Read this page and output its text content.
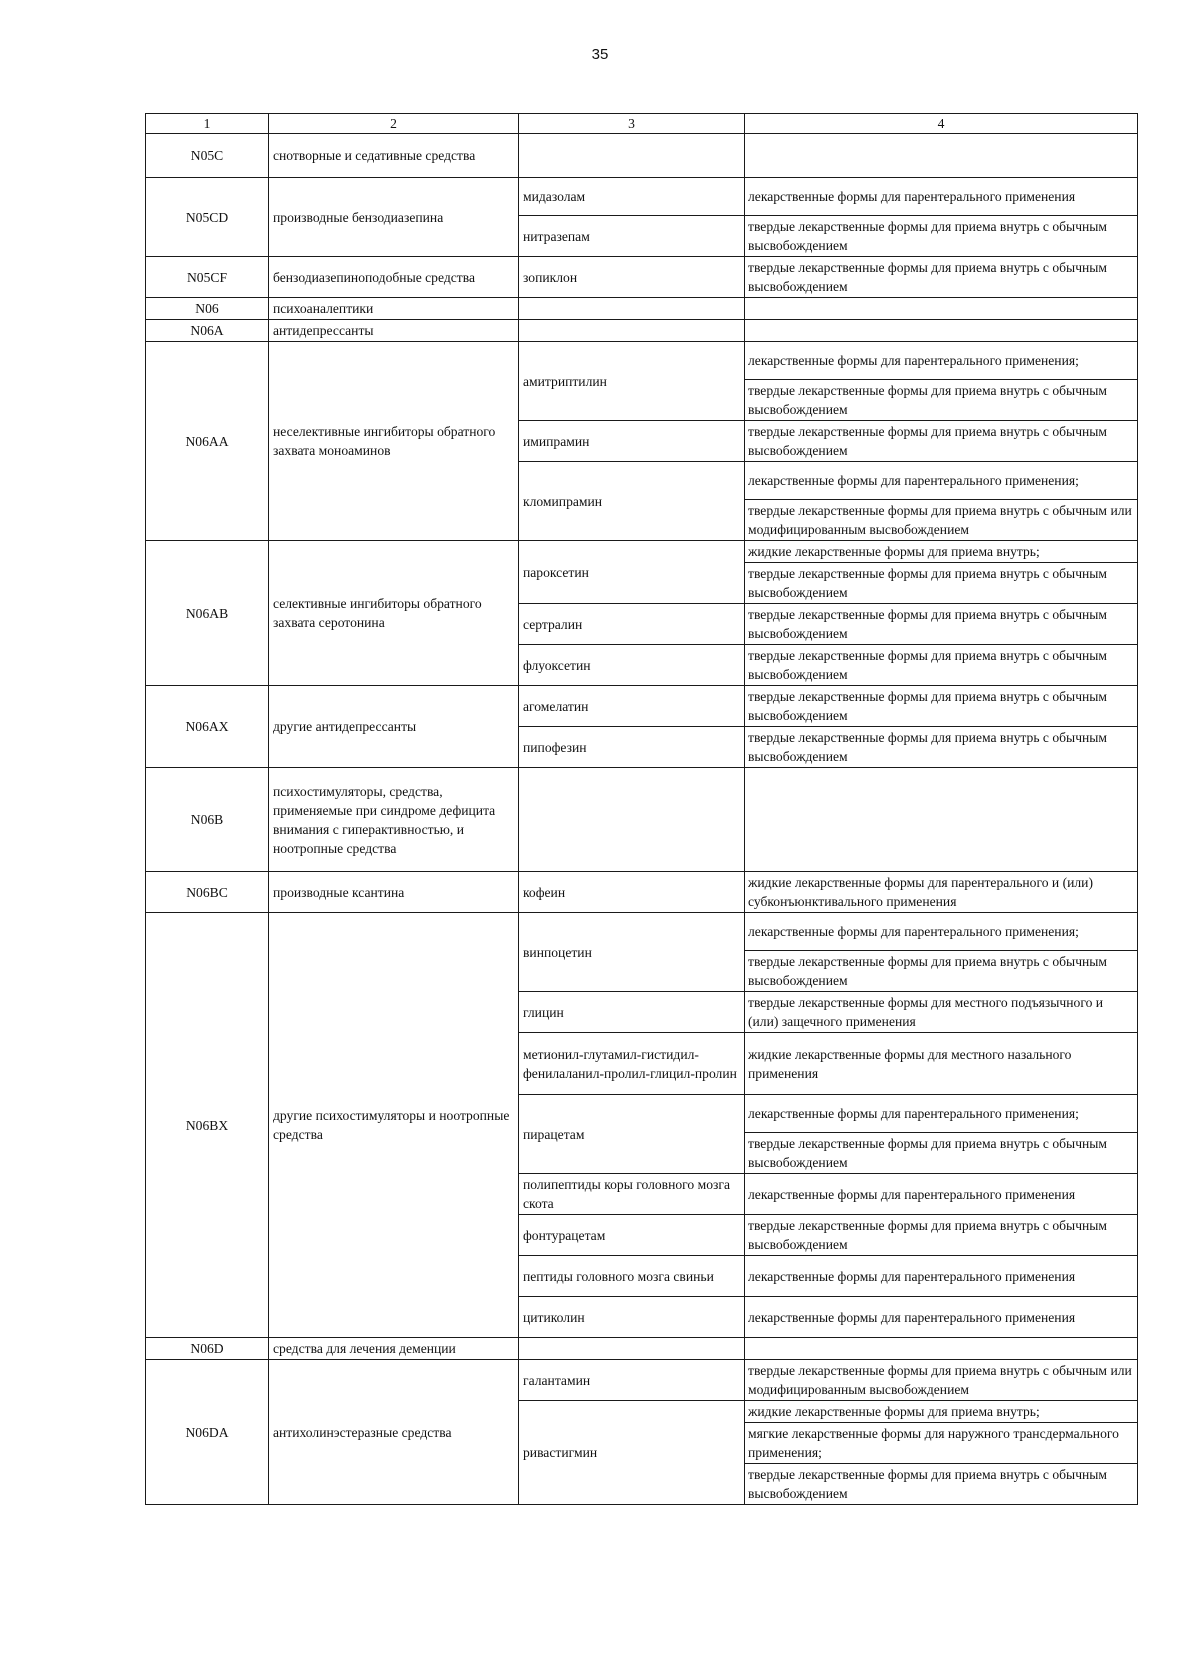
35
1	2	3	4
N05C	снотворные и седативные средства		
N05CD	производные бензодиазепина	мидазолам	лекарственные формы для парентерального применения
		нитразепам	твердые лекарственные формы для приема внутрь с обычным высвобождением
N05CF	бензодиазепиноподобные средства	зопиклон	твердые лекарственные формы для приема внутрь с обычным высвобождением
N06	психоаналептики		
N06A	антидепрессанты		
N06AA	неселективные ингибиторы обратного захвата моноаминов	амитриптилин	лекарственные формы для парентерального применения;
			твердые лекарственные формы для приема внутрь с обычным высвобождением
		имипрамин	твердые лекарственные формы для приема внутрь с обычным высвобождением
		кломипрамин	лекарственные формы для парентерального применения;
			твердые лекарственные формы для приема внутрь с обычным или модифицированным высвобождением
N06AB	селективные ингибиторы обратного захвата серотонина	пароксетин	жидкие лекарственные формы для приема внутрь;
			твердые лекарственные формы для приема внутрь с обычным высвобождением
		сертралин	твердые лекарственные формы для приема внутрь с обычным высвобождением
		флуоксетин	твердые лекарственные формы для приема внутрь с обычным высвобождением
N06AX	другие антидепрессанты	агомелатин	твердые лекарственные формы для приема внутрь с обычным высвобождением
		пипофезин	твердые лекарственные формы для приема внутрь с обычным высвобождением
N06B	психостимуляторы, средства, применяемые при синдроме дефицита внимания с гиперактивностью, и ноотропные средства		
N06BC	производные ксантина	кофеин	жидкие лекарственные формы для парентерального и (или) субконъюнктивального применения
N06BX	другие психостимуляторы и ноотропные средства	винпоцетин	лекарственные формы для парентерального применения;
			твердые лекарственные формы для приема внутрь с обычным высвобождением
		глицин	твердые лекарственные формы для местного подъязычного и (или) защечного применения
		метионил-глутамил-гистидил-фенилаланил-пролил-глицил-пролин	жидкие лекарственные формы для местного назального применения
		пирацетам	лекарственные формы для парентерального применения;
			твердые лекарственные формы для приема внутрь с обычным высвобождением
		полипептиды коры головного мозга скота	лекарственные формы для парентерального применения
		фонтурацетам	твердые лекарственные формы для приема внутрь с обычным высвобождением
		пептиды головного мозга свиньи	лекарственные формы для парентерального применения
		цитиколин	лекарственные формы для парентерального применения
N06D	средства для лечения деменции		
N06DA	антихолинэстеразные средства	галантамин	твердые лекарственные формы для приема внутрь с обычным или модифицированным высвобождением
		ривастигмин	жидкие лекарственные формы для приема внутрь;
			мягкие лекарственные формы для наружного трансдермального применения;
			твердые лекарственные формы для приема внутрь с обычным высвобождением
